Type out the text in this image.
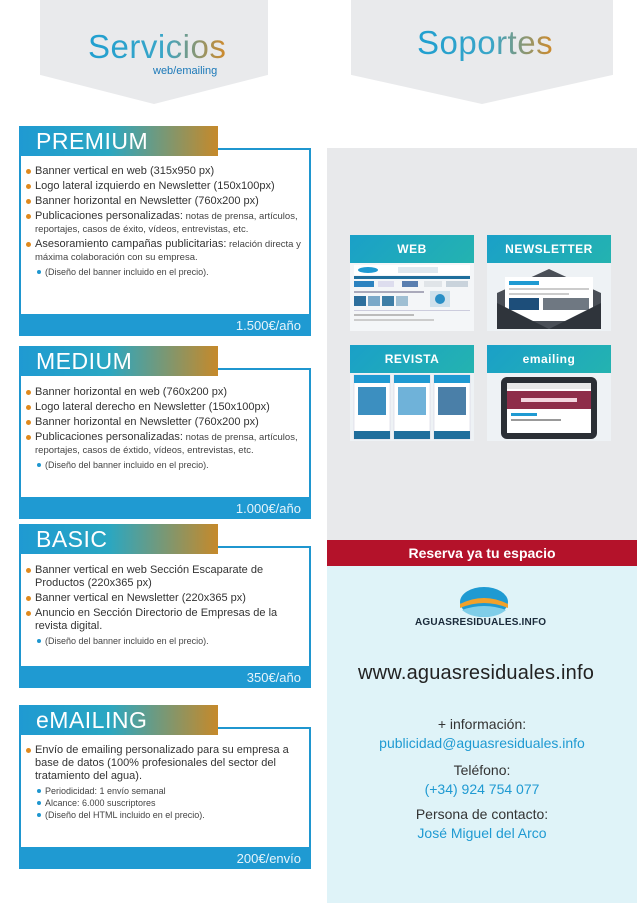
Servicios
web/emailing
Soportes
PREMIUM
Banner vertical en web (315x950 px)
Logo lateral izquierdo en Newsletter (150x100px)
Banner horizontal en Newsletter (760x200 px)
Publicaciones personalizadas: notas de prensa, artículos, reportajes, casos de éxito, vídeos, entrevistas, etc.
Asesoramiento campañas publicitarias: relación directa y máxima colaboración con su empresa.
(Diseño del banner incluido en el precio).
1.500€/año
MEDIUM
Banner horizontal en web (760x200 px)
Logo lateral derecho en Newsletter (150x100px)
Banner horizontal en Newsletter (760x200 px)
Publicaciones personalizadas: notas de prensa, artículos, reportajes, casos de éxtido, vídeos, entrevistas, etc.
(Diseño del banner incluido en el precio).
1.000€/año
BASIC
Banner vertical en web Sección Escaparate de Productos (220x365 px)
Banner vertical en Newsletter (220x365 px)
Anuncio en Sección Directorio de Empresas de la revista digital.
(Diseño del banner incluido en el precio).
350€/año
eMAILING
Envío de emailing personalizado para su empresa a base de datos (100% profesionales del sector del tratamiento del agua).
Periodicidad: 1 envío semanal
Alcance: 6.000 suscriptores
(Diseño del HTML incluido en el precio).
200€/envío
WEB	NEWSLETTER
REVISTA	emailing
Reserva ya tu espacio
AGUASRESIDUALES.INFO
www.aguasresiduales.info
+ información:
publicidad@aguasresiduales.info
Teléfono:
(+34) 924 754 077
Persona de contacto:
José Miguel del Arco
